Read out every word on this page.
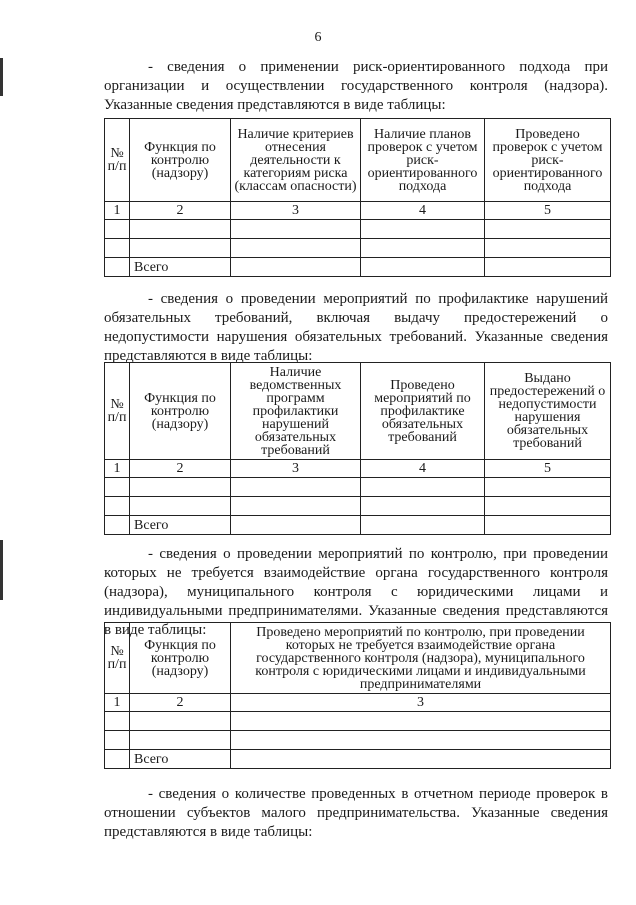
6

- сведения о применении риск-ориентированного подхода при организации и осуществлении государственного контроля (надзора). Указанные сведения представляются в виде таблицы:

№ п/п	Функция по контролю (надзору)	Наличие критериев отнесения деятельности к категориям риска (классам опасности)	Наличие планов проверок с учетом риск-ориентированного подхода	Проведено проверок с учетом риск-ориентированного подхода
1	2	3	4	5

	Всего			

- сведения о проведении мероприятий по профилактике нарушений обязательных требований, включая выдачу предостережений о недопустимости нарушения обязательных требований. Указанные сведения представляются в виде таблицы:

№ п/п	Функция по контролю (надзору)	Наличие ведомственных программ профилактики нарушений обязательных требований	Проведено мероприятий по профилактике обязательных требований	Выдано предостережений о недопустимости нарушения обязательных требований
1	2	3	4	5

	Всего			

- сведения о проведении мероприятий по контролю, при проведении которых не требуется взаимодействие органа государственного контроля (надзора), муниципального контроля с юридическими лицами и индивидуальными предпринимателями. Указанные сведения представляются в виде таблицы:

№ п/п	Функция по контролю (надзору)	Проведено мероприятий по контролю, при проведении которых не требуется взаимодействие органа государственного контроля (надзора), муниципального контроля с юридическими лицами и индивидуальными предпринимателями
1	2	3

	Всего	

- сведения о количестве проведенных в отчетном периоде проверок в отношении субъектов малого предпринимательства. Указанные сведения представляются в виде таблицы:
